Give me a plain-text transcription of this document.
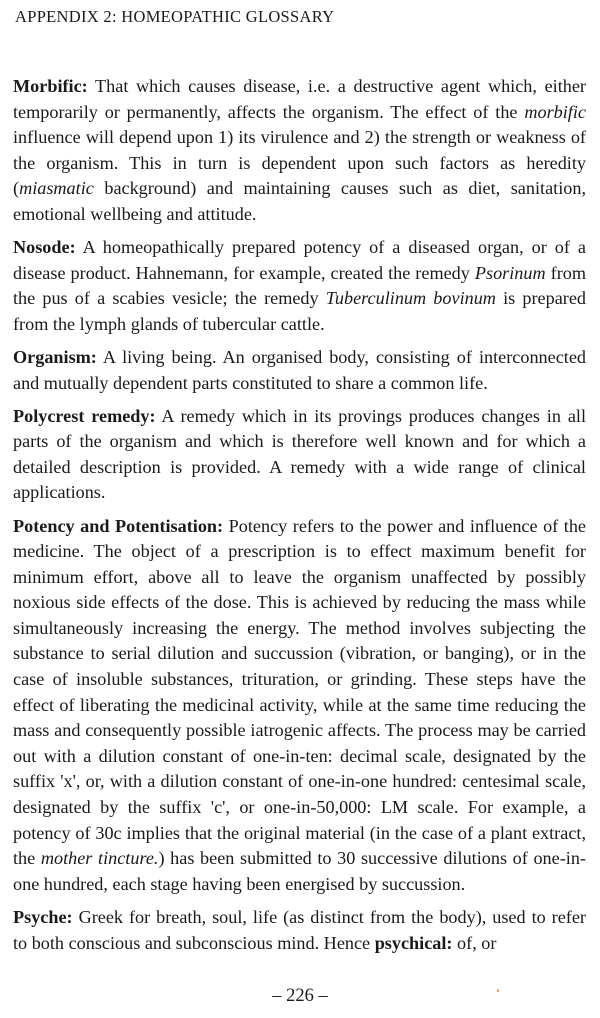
APPENDIX 2: HOMEOPATHIC GLOSSARY

Morbific: That which causes disease, i.e. a destructive agent which, either temporarily or permanently, affects the organism. The effect of the morbific influence will depend upon 1) its virulence and 2) the strength or weakness of the organism. This in turn is dependent upon such factors as heredity (miasmatic background) and maintaining causes such as diet, sanitation, emotional wellbeing and attitude.

Nosode: A homeopathically prepared potency of a diseased organ, or of a disease product. Hahnemann, for example, created the remedy Psorinum from the pus of a scabies vesicle; the remedy Tuberculinum bovinum is prepared from the lymph glands of tubercular cattle.

Organism: A living being. An organised body, consisting of interconnected and mutually dependent parts constituted to share a common life.

Polycrest remedy: A remedy which in its provings produces changes in all parts of the organism and which is therefore well known and for which a detailed description is provided. A remedy with a wide range of clinical applications.

Potency and Potentisation: Potency refers to the power and influence of the medicine. The object of a prescription is to effect maximum benefit for minimum effort, above all to leave the organism unaffected by possibly noxious side effects of the dose. This is achieved by reducing the mass while simultaneously increasing the energy. The method involves subjecting the substance to serial dilution and succussion (vibration, or banging), or in the case of insoluble substances, trituration, or grinding. These steps have the effect of liberating the medicinal activity, while at the same time reducing the mass and consequently possible iatrogenic affects. The process may be carried out with a dilution constant of one-in-ten: decimal scale, designated by the suffix 'x', or, with a dilution constant of one-in-one hundred: centesimal scale, designated by the suffix 'c', or one-in-50,000: LM scale. For example, a potency of 30c implies that the original material (in the case of a plant extract, the mother tincture.) has been submitted to 30 successive dilutions of one-in-one hundred, each stage having been energised by succussion.

Psyche: Greek for breath, soul, life (as distinct from the body), used to refer to both conscious and subconscious mind. Hence psychical: of, or

– 226 –
